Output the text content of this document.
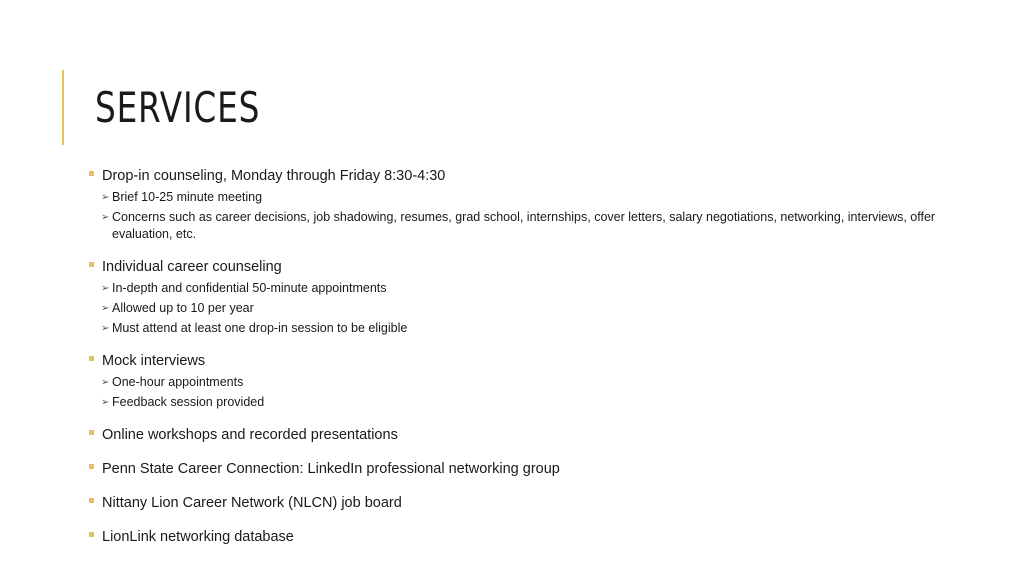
SERVICES
Drop-in counseling, Monday through Friday 8:30-4:30
➢ Brief 10-25 minute meeting
➢ Concerns such as career decisions, job shadowing, resumes, grad school, internships, cover letters, salary negotiations, networking, interviews, offer evaluation, etc.
Individual career counseling
➢ In-depth and confidential 50-minute appointments
➢ Allowed up to 10 per year
➢ Must attend at least one drop-in session to be eligible
Mock interviews
➢ One-hour appointments
➢ Feedback session provided
Online workshops and recorded presentations
Penn State Career Connection: LinkedIn professional networking group
Nittany Lion Career Network (NLCN) job board
LionLink networking database
